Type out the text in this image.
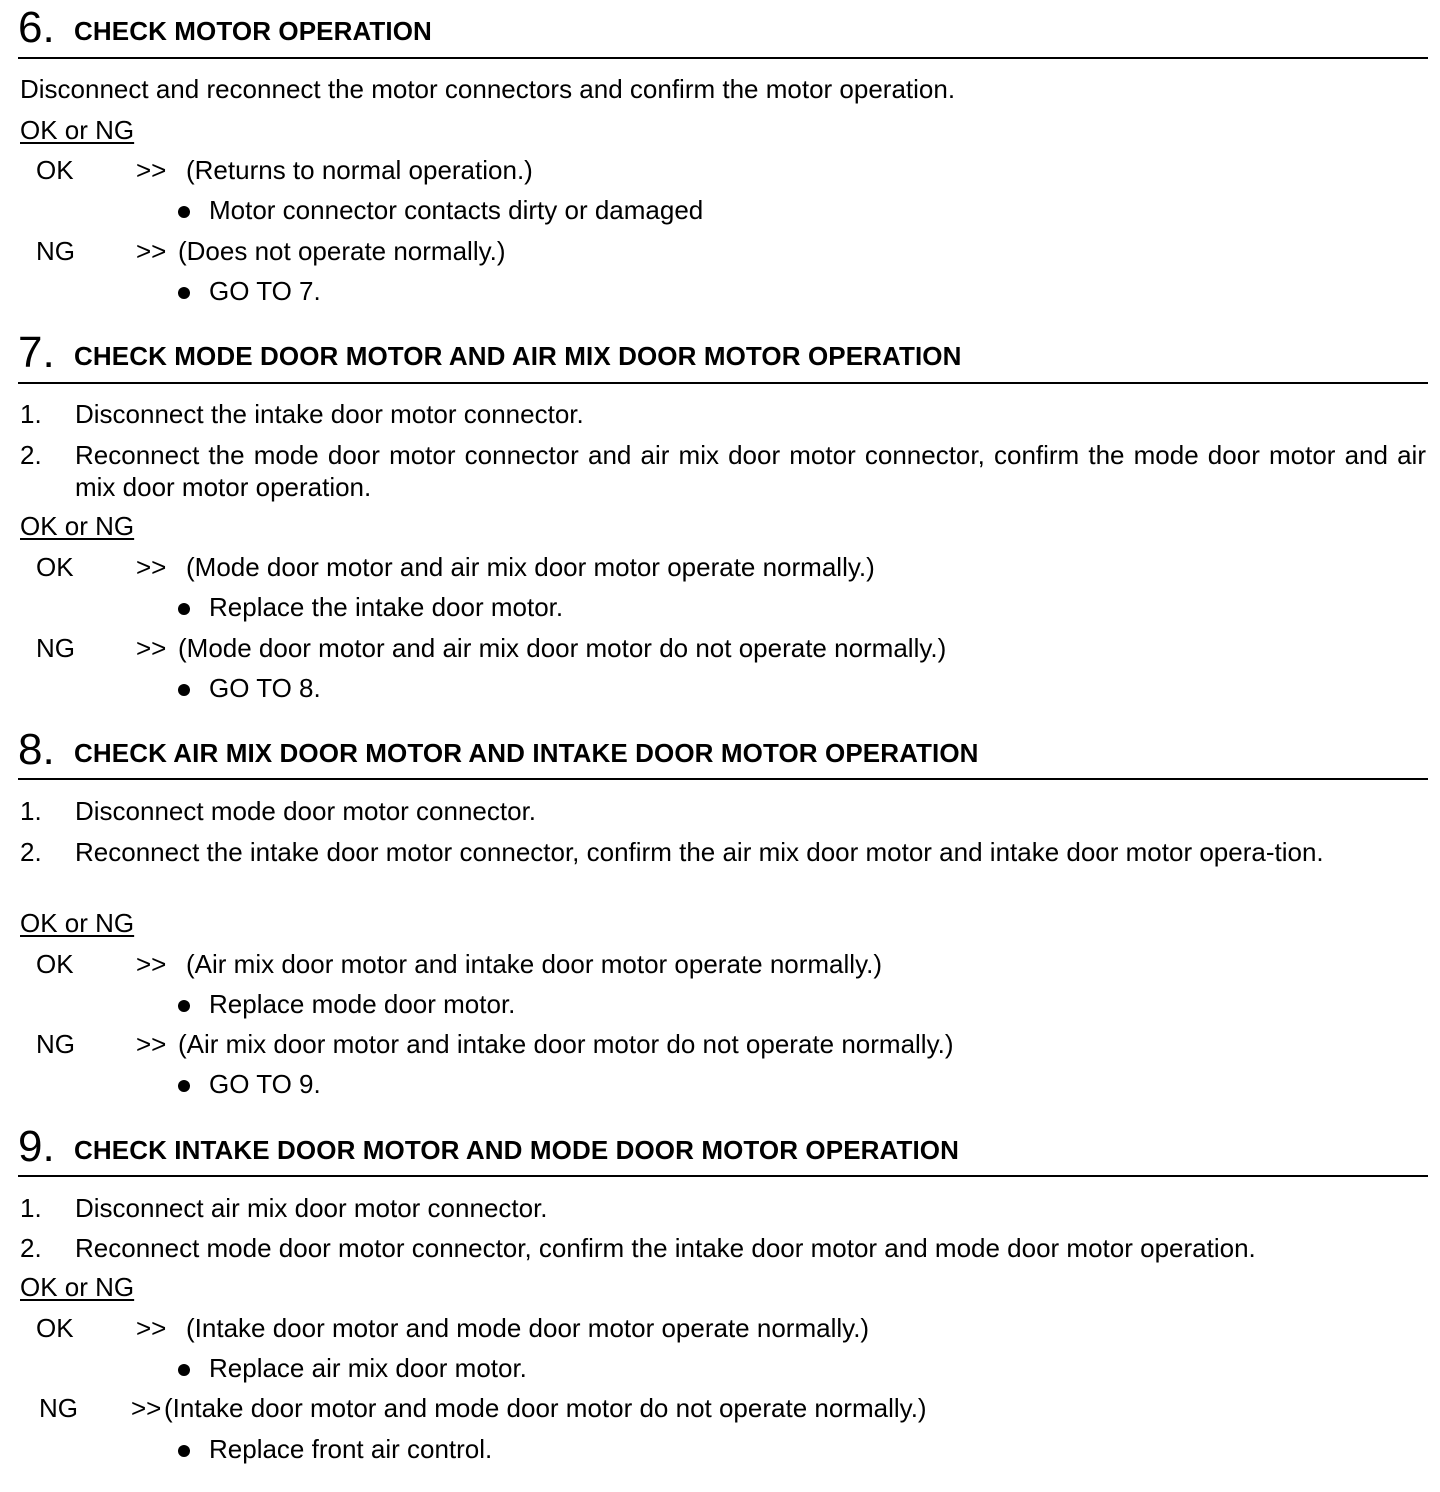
6. CHECK MOTOR OPERATION
Disconnect and reconnect the motor connectors and confirm the motor operation.
OK or NG
OK >> (Returns to normal operation.)
Motor connector contacts dirty or damaged
NG >> (Does not operate normally.)
GO TO 7.
7. CHECK MODE DOOR MOTOR AND AIR MIX DOOR MOTOR OPERATION
1. Disconnect the intake door motor connector.
2. Reconnect the mode door motor connector and air mix door motor connector, confirm the mode door motor and air mix door motor operation.
OK or NG
OK >> (Mode door motor and air mix door motor operate normally.)
Replace the intake door motor.
NG >> (Mode door motor and air mix door motor do not operate normally.)
GO TO 8.
8. CHECK AIR MIX DOOR MOTOR AND INTAKE DOOR MOTOR OPERATION
1. Disconnect mode door motor connector.
2. Reconnect the intake door motor connector, confirm the air mix door motor and intake door motor opera-tion.
OK or NG
OK >> (Air mix door motor and intake door motor operate normally.)
Replace mode door motor.
NG >> (Air mix door motor and intake door motor do not operate normally.)
GO TO 9.
9. CHECK INTAKE DOOR MOTOR AND MODE DOOR MOTOR OPERATION
1. Disconnect air mix door motor connector.
2. Reconnect mode door motor connector, confirm the intake door motor and mode door motor operation.
OK or NG
OK >> (Intake door motor and mode door motor operate normally.)
Replace air mix door motor.
NG >> (Intake door motor and mode door motor do not operate normally.)
Replace front air control.
